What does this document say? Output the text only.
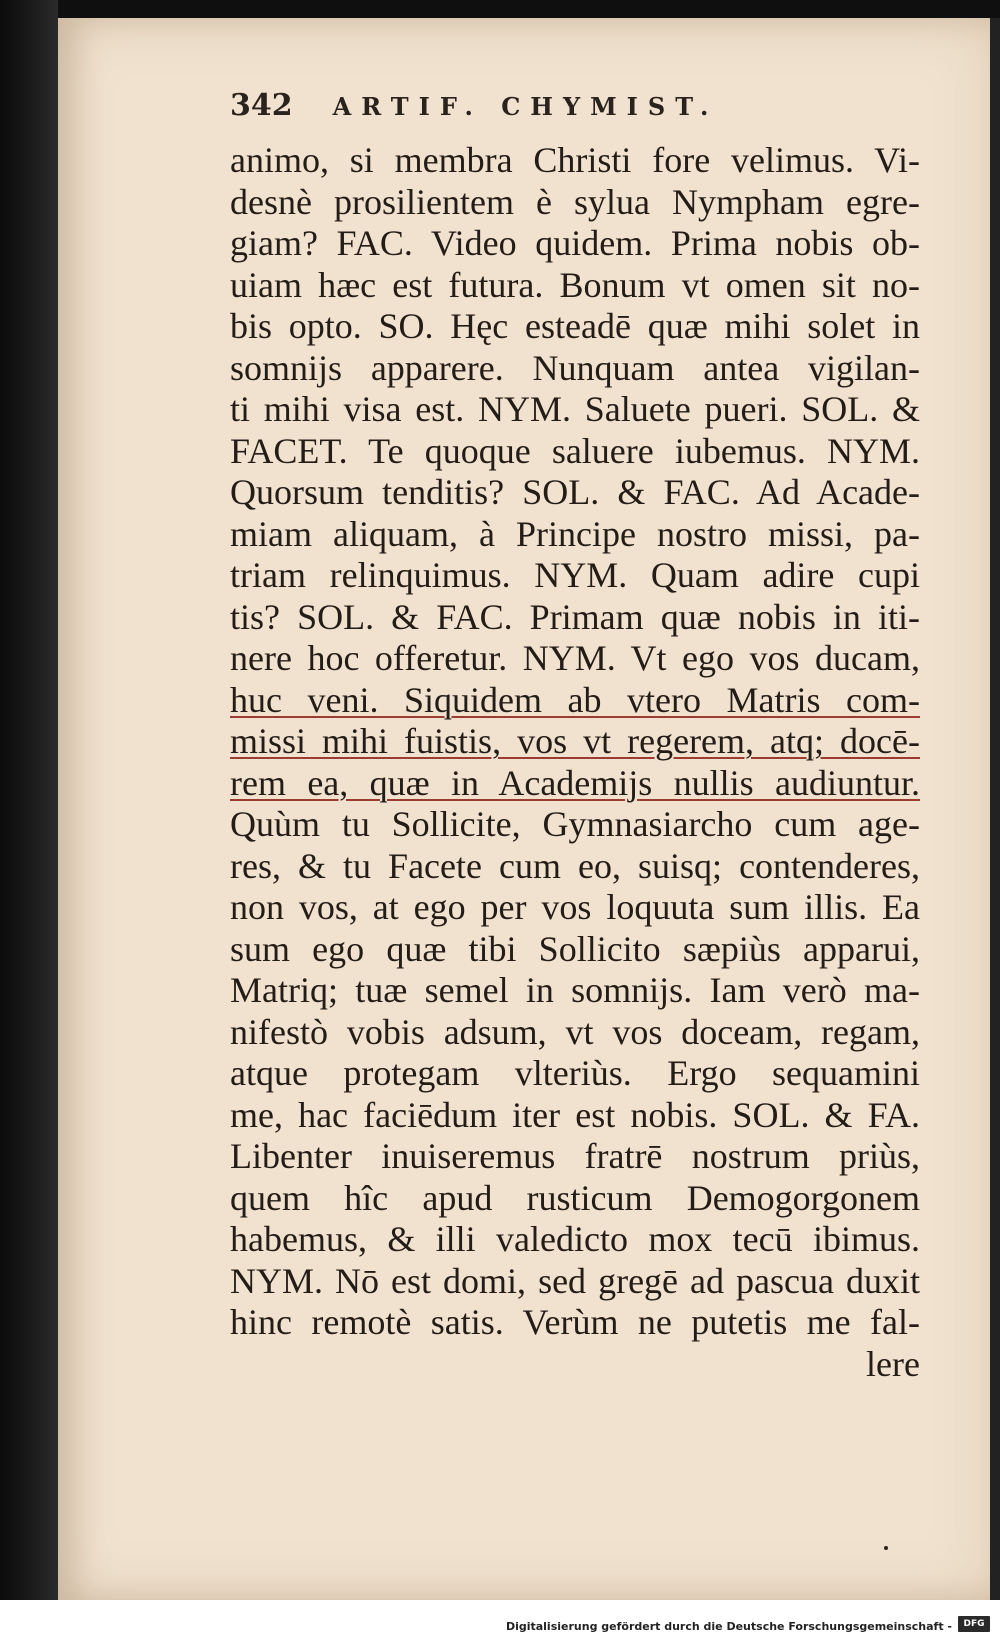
342 ARTIF. CHYMIST.
animo, si membra Christi fore velimus. Vi-
desnè prosilientem è sylua Nympham egre-
giam? FAC. Video quidem. Prima nobis ob-
uiam hæc est futura. Bonum vt omen sit no-
bis opto. SO. Hęc esteadē quæ mihi solet in
somnijs apparere. Nunquam antea vigilan-
ti mihi visa est. NYM. Saluete pueri. SOL. &
FACET. Te quoque saluere iubemus. NYM.
Quorsum tenditis? SOL. & FAC. Ad Acade-
miam aliquam, à Principe nostro missi, pa-
triam relinquimus. NYM. Quam adire cupi
tis? SOL. & FAC. Primam quæ nobis in iti-
nere hoc offeretur. NYM. Vt ego vos ducam,
huc veni. Siquidem ab vtero Matris com-
missi mihi fuistis, vos vt regerem, atq; docē-
rem ea, quæ in Academijs nullis audiuntur.
Quùm tu Sollicite, Gymnasiarcho cum age-
res, & tu Facete cum eo, suisq; contenderes,
non vos, at ego per vos loquuta sum illis. Ea
sum ego quæ tibi Sollicito sæpiùs apparui,
Matriq; tuæ semel in somnijs. Iam verò ma-
nifestò vobis adsum, vt vos doceam, regam,
atque protegam vlteriùs. Ergo sequamini
me, hac faciēdum iter est nobis. SOL. & FA.
Libenter inuiseremus fratrē nostrum priùs,
quem hîc apud rusticum Demogorgonem
habemus, & illi valedicto mox tecū ibimus.
NYM. Nō est domi, sed gregē ad pascua duxit
hinc remotè satis. Verùm ne putetis me fal-
lere
Digitalisierung gefördert durch die Deutsche Forschungsgemeinschaft -	DFG
